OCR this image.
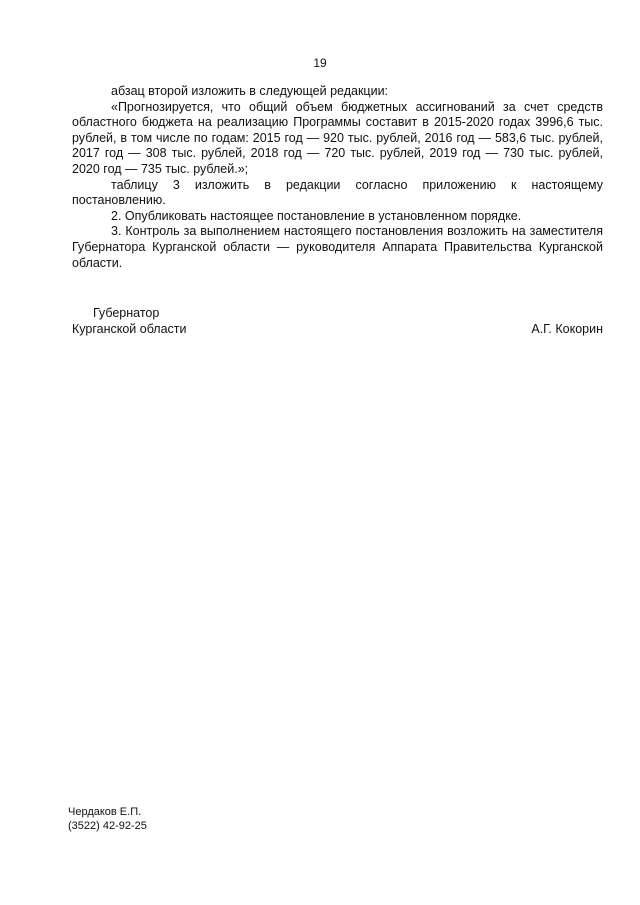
19

абзац второй изложить в следующей редакции:

«Прогнозируется, что общий объем бюджетных ассигнований за счет средств областного бюджета на реализацию Программы составит в 2015-2020 годах 3996,6 тыс. рублей, в том числе по годам: 2015 год — 920 тыс. рублей, 2016 год — 583,6 тыс. рублей, 2017 год — 308 тыс. рублей, 2018 год — 720 тыс. рублей, 2019 год — 730 тыс. рублей, 2020 год — 735 тыс. рублей.»;

таблицу 3 изложить в редакции согласно приложению к настоящему постановлению.

2. Опубликовать настоящее постановление в установленном порядке.

3. Контроль за выполнением настоящего постановления возложить на заместителя Губернатора Курганской области — руководителя Аппарата Правительства Курганской области.

Губернатор
Курганской области	А.Г. Кокорин
Чердаков Е.П.
(3522) 42-92-25
